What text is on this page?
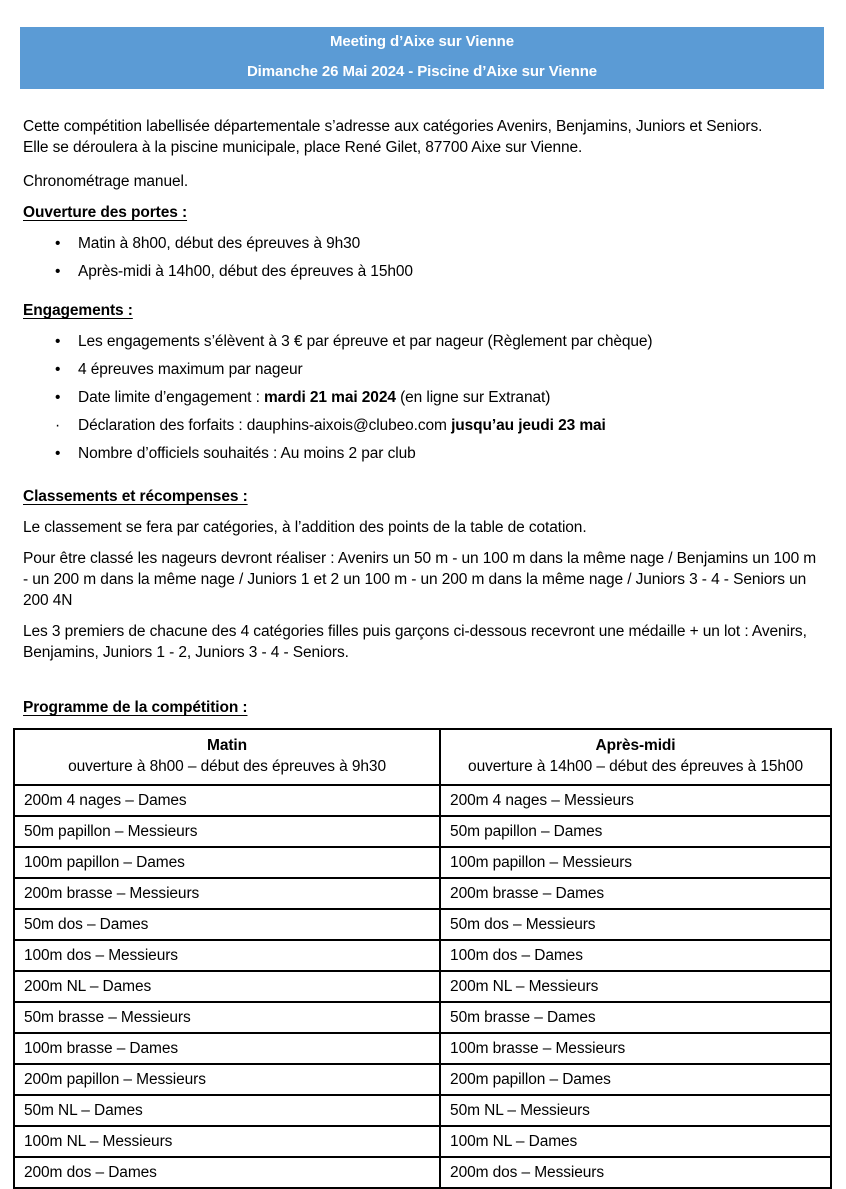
Meeting d’Aixe sur Vienne
Dimanche 26 Mai 2024 - Piscine d’Aixe sur Vienne

Cette compétition labellisée départementale s’adresse aux catégories Avenirs, Benjamins, Juniors et Seniors.
Elle se déroulera à la piscine municipale, place René Gilet, 87700 Aixe sur Vienne.

Chronométrage manuel.

Ouverture des portes :
•	Matin à 8h00, début des épreuves à 9h30
•	Après-midi à 14h00, début des épreuves à 15h00
Engagements :
•	Les engagements s’élèvent à 3 € par épreuve et par nageur (Règlement par chèque)
•	4 épreuves maximum par nageur
•	Date limite d’engagement : mardi 21 mai 2024 (en ligne sur Extranat)
·	Déclaration des forfaits : dauphins-aixois@clubeo.com jusqu’au jeudi 23 mai
•	Nombre d’officiels souhaités : Au moins 2 par club
Classements et récompenses :

Le classement se fera par catégories, à l’addition des points de la table de cotation.

Pour être classé les nageurs devront réaliser : Avenirs un 50 m - un 100 m dans la même nage / Benjamins un 100 m - un 200 m dans la même nage / Juniors 1 et 2 un 100 m - un 200 m dans la même nage / Juniors 3 - 4 - Seniors un 200 4N

Les 3 premiers de chacune des 4 catégories filles puis garçons ci-dessous recevront une médaille + un lot : Avenirs, Benjamins, Juniors 1 - 2, Juniors 3 - 4 - Seniors.

Programme de la compétition :
Matin
ouverture à 8h00 – début des épreuves à 9h30

Après-midi
ouverture à 14h00 – début des épreuves à 15h00

200m 4 nages – Dames	200m 4 nages – Messieurs
50m papillon – Messieurs	50m papillon – Dames
100m papillon – Dames	100m papillon – Messieurs
200m brasse – Messieurs	200m brasse – Dames
50m dos – Dames	50m dos – Messieurs
100m dos – Messieurs	100m dos – Dames
200m NL – Dames	200m NL – Messieurs
50m brasse – Messieurs	50m brasse – Dames
100m brasse – Dames	100m brasse – Messieurs
200m papillon – Messieurs	200m papillon – Dames
50m NL – Dames	50m NL – Messieurs
100m NL – Messieurs	100m NL – Dames
200m dos – Dames	200m dos – Messieurs
